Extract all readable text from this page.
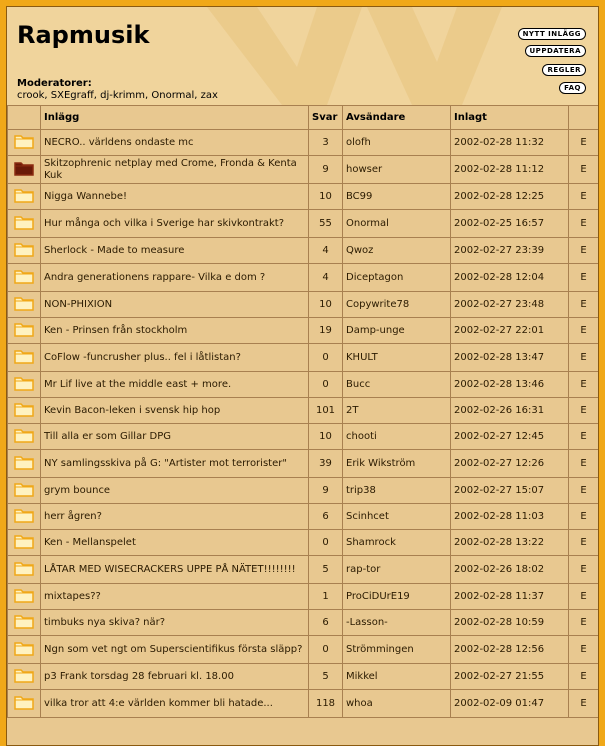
Rapmusik
Moderatorer:
crook, SXEgraff, dj-krimm, Onormal, zax
NYTT INLÄGG
UPPDATERA
REGLER
FAQ
	Inlägg	Svar	Avsändare	Inlagt	
	NECRO.. världens ondaste mc	3	olofh	2002-02-28 11:32	E
	Skitzophrenic netplay med Crome, Fronda & Kenta Kuk	9	howser	2002-02-28 11:12	E
	Nigga Wannebe!	10	BC99	2002-02-28 12:25	E
	Hur många och vilka i Sverige har skivkontrakt?	55	Onormal	2002-02-25 16:57	E
	Sherlock - Made to measure	4	Qwoz	2002-02-27 23:39	E
	Andra generationens rappare- Vilka e dom ?	4	Diceptagon	2002-02-28 12:04	E
	NON-PHIXION	10	Copywrite78	2002-02-27 23:48	E
	Ken - Prinsen från stockholm	19	Damp-unge	2002-02-27 22:01	E
	CoFlow -funcrusher plus.. fel i låtlistan?	0	KHULT	2002-02-28 13:47	E
	Mr Lif live at the middle east + more.	0	Bucc	2002-02-28 13:46	E
	Kevin Bacon-leken i svensk hip hop	101	2T	2002-02-26 16:31	E
	Till alla er som Gillar DPG	10	chooti	2002-02-27 12:45	E
	NY samlingsskiva på G: "Artister mot terrorister"	39	Erik Wikström	2002-02-27 12:26	E
	grym bounce	9	trip38	2002-02-27 15:07	E
	herr ågren?	6	Scinhcet	2002-02-28 11:03	E
	Ken - Mellanspelet	0	Shamrock	2002-02-28 13:22	E
	LÅTAR MED WISECRACKERS UPPE PÅ NÄTET!!!!!!!!	5	rap-tor	2002-02-26 18:02	E
	mixtapes??	1	ProCiDUrE19	2002-02-28 11:37	E
	timbuks nya skiva? när?	6	-Lasson-	2002-02-28 10:59	E
	Ngn som vet ngt om Superscientifikus första släpp?	0	Strömmingen	2002-02-28 12:56	E
	p3 Frank torsdag 28 februari kl. 18.00	5	Mikkel	2002-02-27 21:55	E
	vilka tror att 4:e världen kommer bli hatade...	118	whoa	2002-02-09 01:47	E
